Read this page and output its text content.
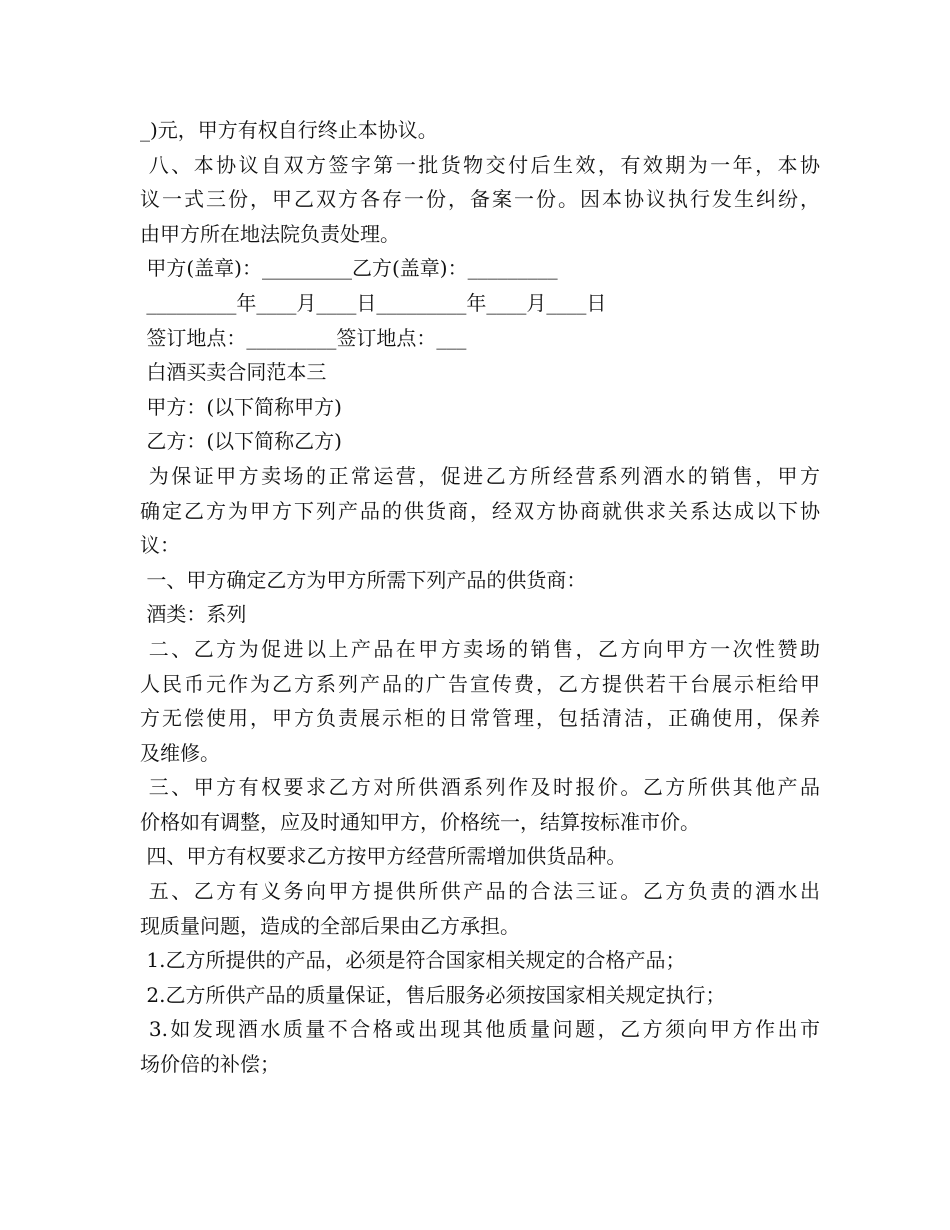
_)元，甲方有权自行终止本协议。
八、本协议自双方签字第一批货物交付后生效，有效期为一年，本协
议一式三份，甲乙双方各存一份，备案一份。因本协议执行发生纠纷，
由甲方所在地法院负责处理。
甲方(盖章)：_________乙方(盖章)：_________
_________年____月____日_________年____月____日
签订地点：_________签订地点：___
白酒买卖合同范本三
甲方：(以下简称甲方)
乙方：(以下简称乙方)
为保证甲方卖场的正常运营，促进乙方所经营系列酒水的销售，甲方
确定乙方为甲方下列产品的供货商，经双方协商就供求关系达成以下协
议：
一、甲方确定乙方为甲方所需下列产品的供货商：
酒类：系列
二、乙方为促进以上产品在甲方卖场的销售，乙方向甲方一次性赞助
人民币元作为乙方系列产品的广告宣传费，乙方提供若干台展示柜给甲
方无偿使用，甲方负责展示柜的日常管理，包括清洁，正确使用，保养
及维修。
三、甲方有权要求乙方对所供酒系列作及时报价。乙方所供其他产品
价格如有调整，应及时通知甲方，价格统一，结算按标准市价。
四、甲方有权要求乙方按甲方经营所需增加供货品种。
五、乙方有义务向甲方提供所供产品的合法三证。乙方负责的酒水出
现质量问题，造成的全部后果由乙方承担。
1.乙方所提供的产品，必须是符合国家相关规定的合格产品；
2.乙方所供产品的质量保证，售后服务必须按国家相关规定执行；
3.如发现酒水质量不合格或出现其他质量问题，乙方须向甲方作出市
场价倍的补偿；
